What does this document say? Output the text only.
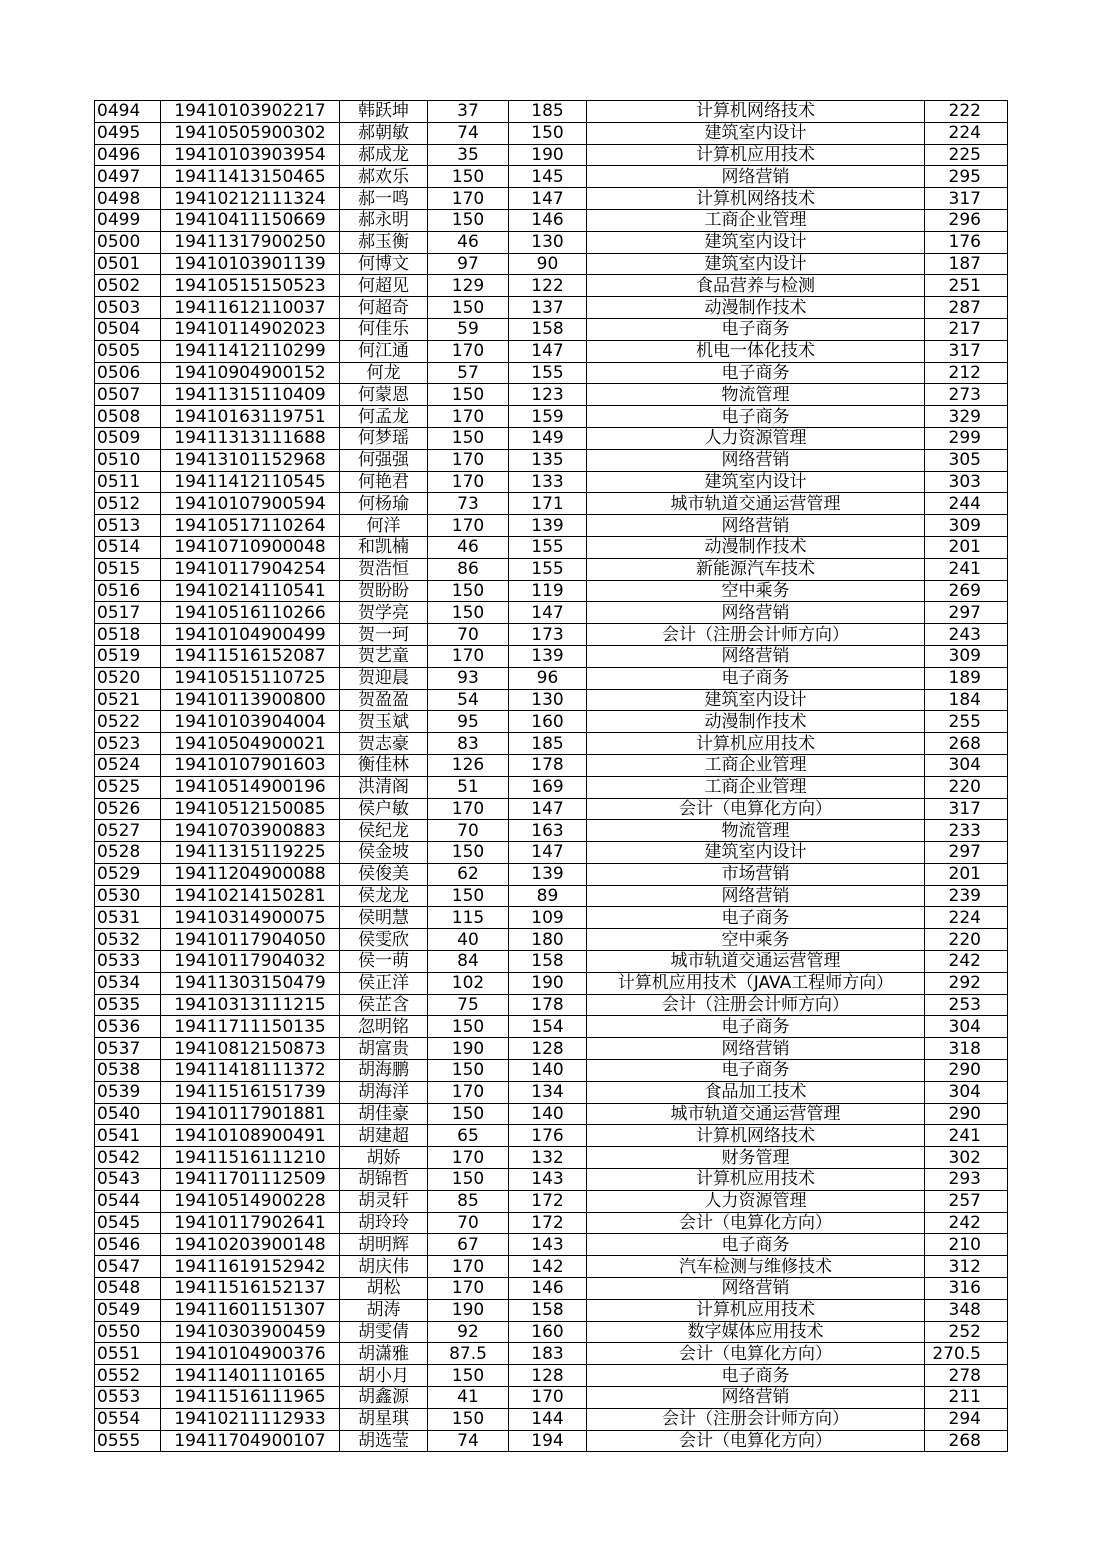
0494	19410103902217	韩跃坤	37	185	计算机网络技术	222
0495	19410505900302	郝朝敏	74	150	建筑室内设计	224
0496	19410103903954	郝成龙	35	190	计算机应用技术	225
0497	19411413150465	郝欢乐	150	145	网络营销	295
0498	19410212111324	郝一鸣	170	147	计算机网络技术	317
0499	19410411150669	郝永明	150	146	工商企业管理	296
0500	19411317900250	郝玉衡	46	130	建筑室内设计	176
0501	19410103901139	何博文	97	90	建筑室内设计	187
0502	19410515150523	何超见	129	122	食品营养与检测	251
0503	19411612110037	何超奇	150	137	动漫制作技术	287
0504	19410114902023	何佳乐	59	158	电子商务	217
0505	19411412110299	何江通	170	147	机电一体化技术	317
0506	19410904900152	何龙	57	155	电子商务	212
0507	19411315110409	何蒙恩	150	123	物流管理	273
0508	19410163119751	何孟龙	170	159	电子商务	329
0509	19411313111688	何梦瑶	150	149	人力资源管理	299
0510	19413101152968	何强强	170	135	网络营销	305
0511	19411412110545	何艳君	170	133	建筑室内设计	303
0512	19410107900594	何杨瑜	73	171	城市轨道交通运营管理	244
0513	19410517110264	何洋	170	139	网络营销	309
0514	19410710900048	和凯楠	46	155	动漫制作技术	201
0515	19410117904254	贺浩恒	86	155	新能源汽车技术	241
0516	19410214110541	贺盼盼	150	119	空中乘务	269
0517	19410516110266	贺学亮	150	147	网络营销	297
0518	19410104900499	贺一珂	70	173	会计（注册会计师方向）	243
0519	19411516152087	贺艺童	170	139	网络营销	309
0520	19410515110725	贺迎晨	93	96	电子商务	189
0521	19410113900800	贺盈盈	54	130	建筑室内设计	184
0522	19410103904004	贺玉斌	95	160	动漫制作技术	255
0523	19410504900021	贺志豪	83	185	计算机应用技术	268
0524	19410107901603	衡佳林	126	178	工商企业管理	304
0525	19410514900196	洪清阁	51	169	工商企业管理	220
0526	19410512150085	侯户敏	170	147	会计（电算化方向）	317
0527	19410703900883	侯纪龙	70	163	物流管理	233
0528	19411315119225	侯金坡	150	147	建筑室内设计	297
0529	19411204900088	侯俊美	62	139	市场营销	201
0530	19410214150281	侯龙龙	150	89	网络营销	239
0531	19410314900075	侯明慧	115	109	电子商务	224
0532	19410117904050	侯雯欣	40	180	空中乘务	220
0533	19410117904032	侯一萌	84	158	城市轨道交通运营管理	242
0534	19411303150479	侯正洋	102	190	计算机应用技术（JAVA工程师方向）	292
0535	19410313111215	侯芷含	75	178	会计（注册会计师方向）	253
0536	19411711150135	忽明铭	150	154	电子商务	304
0537	19410812150873	胡富贵	190	128	网络营销	318
0538	19411418111372	胡海鹏	150	140	电子商务	290
0539	19411516151739	胡海洋	170	134	食品加工技术	304
0540	19410117901881	胡佳豪	150	140	城市轨道交通运营管理	290
0541	19410108900491	胡建超	65	176	计算机网络技术	241
0542	19411516111210	胡娇	170	132	财务管理	302
0543	19411701112509	胡锦哲	150	143	计算机应用技术	293
0544	19410514900228	胡灵轩	85	172	人力资源管理	257
0545	19410117902641	胡玲玲	70	172	会计（电算化方向）	242
0546	19410203900148	胡明辉	67	143	电子商务	210
0547	19411619152942	胡庆伟	170	142	汽车检测与维修技术	312
0548	19411516152137	胡松	170	146	网络营销	316
0549	19411601151307	胡涛	190	158	计算机应用技术	348
0550	19410303900459	胡雯倩	92	160	数字媒体应用技术	252
0551	19410104900376	胡潇雅	87.5	183	会计（电算化方向）	270.5
0552	19411401110165	胡小月	150	128	电子商务	278
0553	19411516111965	胡鑫源	41	170	网络营销	211
0554	19410211112933	胡星琪	150	144	会计（注册会计师方向）	294
0555	19411704900107	胡选莹	74	194	会计（电算化方向）	268
